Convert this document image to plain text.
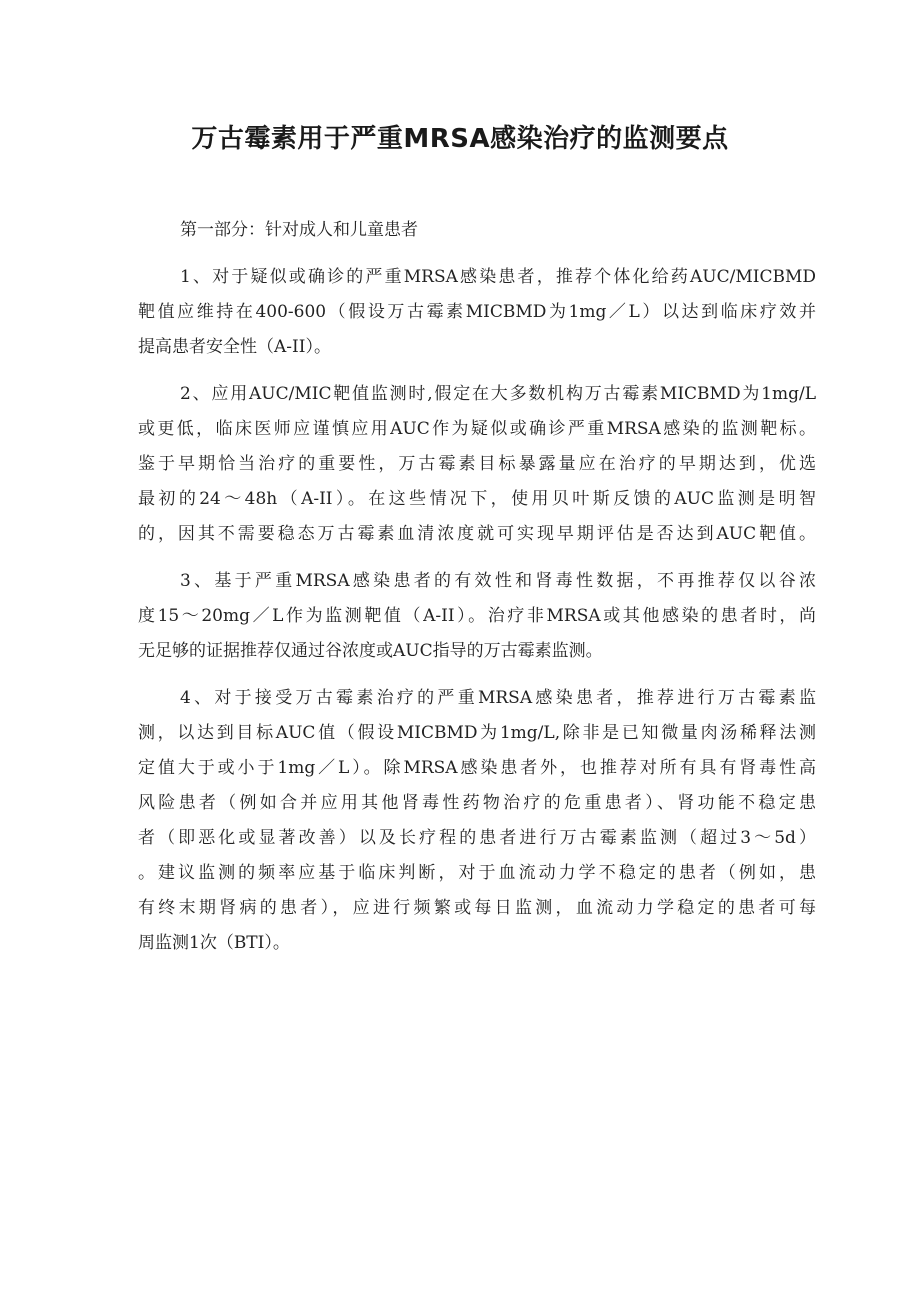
万古霉素用于严重MRSA感染治疗的监测要点
第一部分：针对成人和儿童患者
1、对于疑似或确诊的严重MRSA感染患者，推荐个体化给药AUC/MICBMD
靶值应维持在400-600（假设万古霉素MICBMD为1mg／L）以达到临床疗效并
提高患者安全性（A-II）。
2、应用AUC/MIC靶值监测时,假定在大多数机构万古霉素MICBMD为1mg/L
或更低，临床医师应谨慎应用AUC作为疑似或确诊严重MRSA感染的监测靶标。
鉴于早期恰当治疗的重要性，万古霉素目标暴露量应在治疗的早期达到，优选
最初的24～48h（A-II）。在这些情况下，使用贝叶斯反馈的AUC监测是明智
的，因其不需要稳态万古霉素血清浓度就可实现早期评估是否达到AUC靶值。
3、基于严重MRSA感染患者的有效性和肾毒性数据，不再推荐仅以谷浓
度15～20mg／L作为监测靶值（A-II）。治疗非MRSA或其他感染的患者时，尚
无足够的证据推荐仅通过谷浓度或AUC指导的万古霉素监测。
4、对于接受万古霉素治疗的严重MRSA感染患者，推荐进行万古霉素监
测，以达到目标AUC值（假设MICBMD为1mg/L,除非是已知微量肉汤稀释法测
定值大于或小于1mg／L）。除MRSA感染患者外，也推荐对所有具有肾毒性高
风险患者（例如合并应用其他肾毒性药物治疗的危重患者）、肾功能不稳定患
者（即恶化或显著改善）以及长疗程的患者进行万古霉素监测（超过3～5d）
。建议监测的频率应基于临床判断，对于血流动力学不稳定的患者（例如，患
有终末期肾病的患者），应进行频繁或每日监测，血流动力学稳定的患者可每
周监测1次（BTI）。
